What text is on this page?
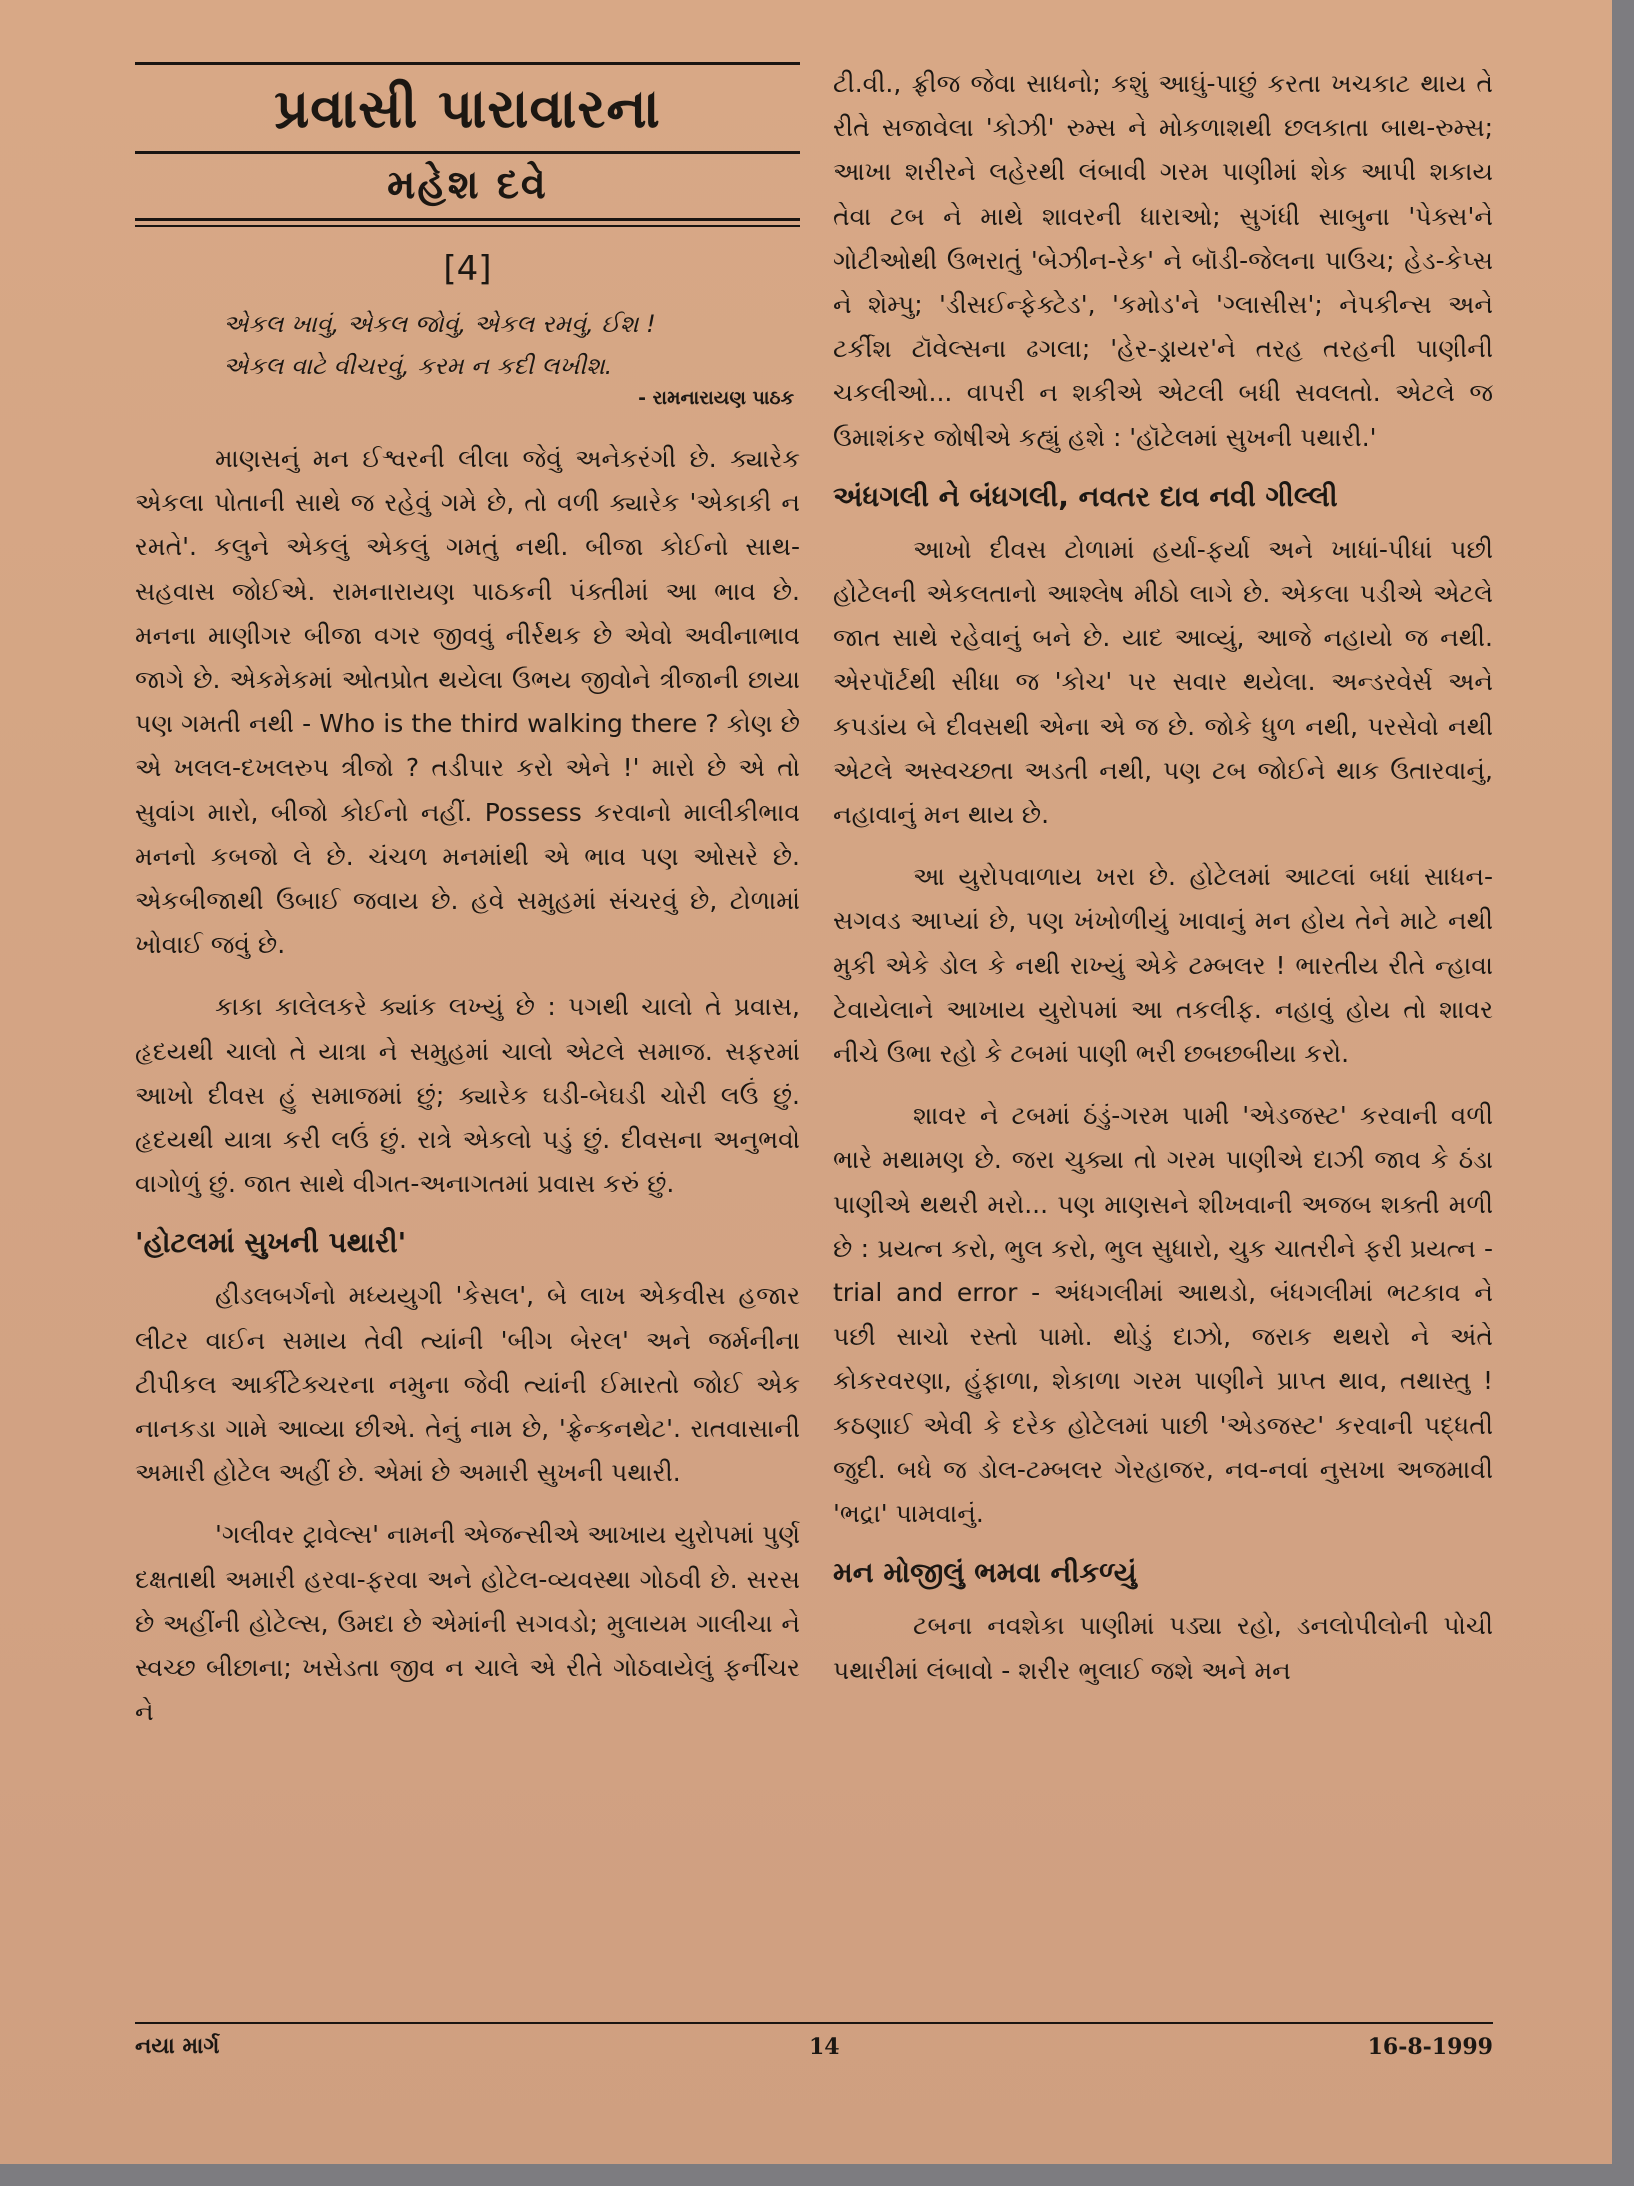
પ્રવાસી પારાવારના
મહેશ દવે
[4]
એકલ ખાવું, એકલ જોવું, એકલ રમવું, ઈશ !
એકલ વાટે વીચરવું, કરમ ન કદી લખીશ.
- રામનારાયણ પાઠક

માણસનું મન ઈશ્વરની લીલા જેવું અનેકરંગી છે. ક્યારેક એકલા પોતાની સાથે જ રહેવું ગમે છે, તો વળી ક્યારેક 'એકાકી ન રમતે'. કલુને એકલું એકલું ગમતું નથી. બીજા કોઈનો સાથ-સહવાસ જોઈએ. રામનારાયણ પાઠકની પંક્તીમાં આ ભાવ છે. મનના માણીગર બીજા વગર જીવવું નીર્રથક છે એવો અવીનાભાવ જાગે છે. એકમેકમાં ઓતપ્રોત થયેલા ઉભય જીવોને ત્રીજાની છાયા પણ ગમતી નથી - Who is the third walking there ? કોણ છે એ ખલલ-દખલરુપ ત્રીજો ? તડીપાર કરો એને !' મારો છે એ તો સુવાંગ મારો, બીજો કોઈનો નહીં. Possess કરવાનો માલીકીભાવ મનનો કબજો લે છે. ચંચળ મનમાંથી એ ભાવ પણ ઓસરે છે. એકબીજાથી ઉબાઈ જવાય છે. હવે સમુહમાં સંચરવું છે, ટોળામાં ખોવાઈ જવું છે.

કાકા કાલેલકરે ક્યાંક લખ્યું છે : પગથી ચાલો તે પ્રવાસ, હૃદયથી ચાલો તે યાત્રા ને સમુહમાં ચાલો એટલે સમાજ. સફરમાં આખો દીવસ હું સમાજમાં છું; ક્યારેક ઘડી-બેઘડી ચોરી લઉં છું. હૃદયથી યાત્રા કરી લઉં છું. રાત્રે એકલો પડું છું. દીવસના અનુભવો વાગોળું છું. જાત સાથે વીગત-અનાગતમાં પ્રવાસ કરું છું.

'હોટલમાં સુખની પથારી'

હીડલબર્ગનો મધ્યયુગી 'કેસલ', બે લાખ એકવીસ હજાર લીટર વાઈન સમાય તેવી ત્યાંની 'બીગ બેરલ' અને જર્મનીના ટીપીકલ આર્કીટેક્ચરના નમુના જેવી ત્યાંની ઈમારતો જોઈ એક નાનકડા ગામે આવ્યા છીએ. તેનું નામ છે, 'ફ્રેન્કનથેટ'. રાતવાસાની અમારી હોટેલ અહીં છે. એમાં છે અમારી સુખની પથારી.

'ગલીવર ટ્રાવેલ્સ' નામની એજન્સીએ આખાય યુરોપમાં પુર્ણ દક્ષતાથી અમારી હરવા-ફરવા અને હોટેલ-વ્યવસ્થા ગોઠવી છે. સરસ છે અહીંની હોટેલ્સ, ઉમદા છે એમાંની સગવડો; મુલાયમ ગાલીચા ને સ્વચ્છ બીછાના; ખસેડતા જીવ ન ચાલે એ રીતે ગોઠવાયેલું ફર્નીચર ને

ટી.વી., ફ્રીજ જેવા સાધનો; કશું આઘું-પાછું કરતા ખચકાટ થાય તે રીતે સજાવેલા 'કોઝી' રુમ્સ ને મોકળાશથી છલકાતા બાથ-રુમ્સ; આખા શરીરને લહેરથી લંબાવી ગરમ પાણીમાં શેક આપી શકાય તેવા ટબ ને માથે શાવરની ધારાઓ; સુગંધી સાબુના 'પેક્સ'ને ગોટીઓથી ઉભરાતું 'બેઝીન-રેક' ને બૉડી-જેલના પાઉચ; હેડ-કેપ્સ ને શેમ્પુ; 'ડીસઈન્ફેક્ટેડ', 'કમોડ'ને 'ગ્લાસીસ'; નેપકીન્સ અને ટર્કીશ ટૉવેલ્સના ઢગલા; 'હેર-ડ્રાયર'ને તરહ તરહની પાણીની ચકલીઓ... વાપરી ન શકીએ એટલી બધી સવલતો. એટલે જ ઉમાશંકર જોષીએ કહ્યું હશે : 'હૉટેલમાં સુખની પથારી.'

અંધગલી ને બંધગલી, નવતર દાવ નવી ગીલ્લી

આખો દીવસ ટોળામાં હર્યા-ફર્યા અને ખાધાં-પીધાં પછી હોટેલની એકલતાનો આશ્લેષ મીઠો લાગે છે. એકલા પડીએ એટલે જાત સાથે રહેવાનું બને છે. યાદ આવ્યું, આજે નહાયો જ નથી. એરપૉર્ટથી સીધા જ 'કોચ' પર સવાર થયેલા. અન્ડરવેર્સ અને કપડાંય બે દીવસથી એના એ જ છે. જોકે ધુળ નથી, પરસેવો નથી એટલે અસ્વચ્છતા અડતી નથી, પણ ટબ જોઈને થાક ઉતારવાનું, નહાવાનું મન થાય છે.

આ યુરોપવાળાય ખરા છે. હોટેલમાં આટલાં બધાં સાધન-સગવડ આપ્યાં છે, પણ ખંખોળીયું ખાવાનું મન હોય તેને માટે નથી મુકી એકે ડોલ કે નથી રાખ્યું એકે ટમ્બલર ! ભારતીય રીતે ન્હાવા ટેવાયેલાને આખાય યુરોપમાં આ તકલીફ. નહાવું હોય તો શાવર નીચે ઉભા રહો કે ટબમાં પાણી ભરી છબછબીયા કરો.

શાવર ને ટબમાં ઠંડું-ગરમ પામી 'એડજસ્ટ' કરવાની વળી ભારે મથામણ છે. જરા ચુક્યા તો ગરમ પાણીએ દાઝી જાવ કે ઠંડા પાણીએ થથરી મરો... પણ માણસને શીખવાની અજબ શક્તી મળી છે : પ્રયત્ન કરો, ભુલ કરો, ભુલ સુધારો, ચુક ચાતરીને ફરી પ્રયત્ન - trial and error - અંધગલીમાં આથડો, બંધગલીમાં ભટકાવ ને પછી સાચો રસ્તો પામો. થોડું દાઝો, જરાક થથરો ને અંતે કોકરવરણા, હુંફાળા, શેકાળા ગરમ પાણીને પ્રાપ્ત થાવ, તથાસ્તુ ! કઠણાઈ એવી કે દરેક હોટેલમાં પાછી 'એડજસ્ટ' કરવાની પદ્ધતી જુદી. બધે જ ડોલ-ટમ્બલર ગેરહાજર, નવ-નવાં નુસખા અજમાવી 'ભદ્રા' પામવાનું.

મન મોજીલું ભમવા નીકળ્યું

ટબના નવશેકા પાણીમાં પડ્યા રહો, ડનલોપીલોની પોચી પથારીમાં લંબાવો - શરીર ભુલાઈ જશે અને મન

નયા માર્ગ	14	16-8-1999
